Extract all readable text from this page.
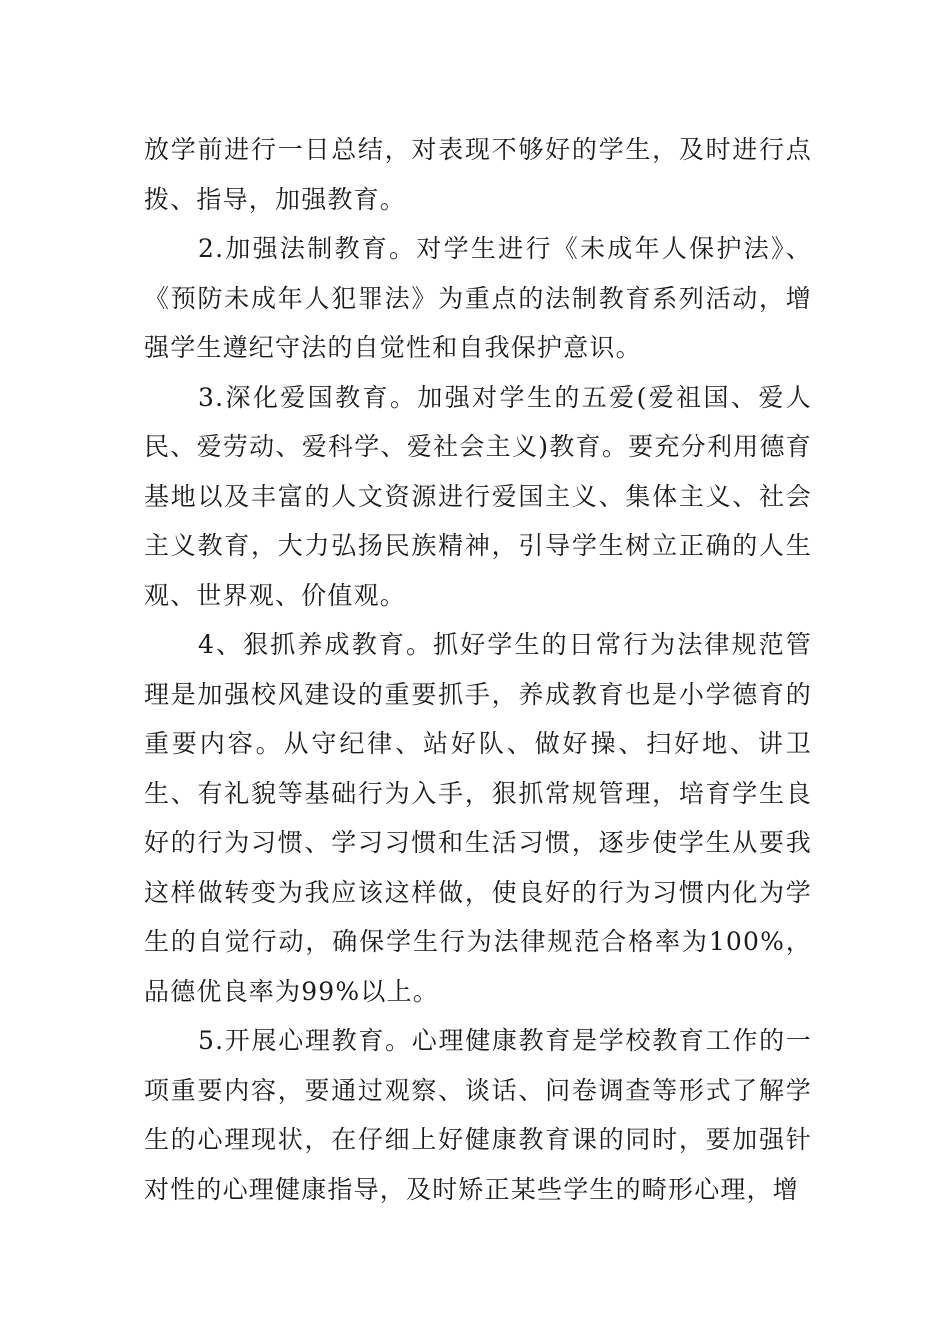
放学前进行一日总结，对表现不够好的学生，及时进行点拨、指导，加强教育。

2.加强法制教育。对学生进行《未成年人保护法》、《预防未成年人犯罪法》为重点的法制教育系列活动，增强学生遵纪守法的自觉性和自我保护意识。

3.深化爱国教育。加强对学生的五爱(爱祖国、爱人民、爱劳动、爱科学、爱社会主义)教育。要充分利用德育基地以及丰富的人文资源进行爱国主义、集体主义、社会主义教育，大力弘扬民族精神，引导学生树立正确的人生观、世界观、价值观。

4、狠抓养成教育。抓好学生的日常行为法律规范管理是加强校风建设的重要抓手，养成教育也是小学德育的重要内容。从守纪律、站好队、做好操、扫好地、讲卫生、有礼貌等基础行为入手，狠抓常规管理，培育学生良好的行为习惯、学习习惯和生活习惯，逐步使学生从要我这样做转变为我应该这样做，使良好的行为习惯内化为学生的自觉行动，确保学生行为法律规范合格率为100%，品德优良率为99%以上。

5.开展心理教育。心理健康教育是学校教育工作的一项重要内容，要通过观察、谈话、问卷调查等形式了解学生的心理现状，在仔细上好健康教育课的同时，要加强针对性的心理健康指导，及时矫正某些学生的畸形心理，增
